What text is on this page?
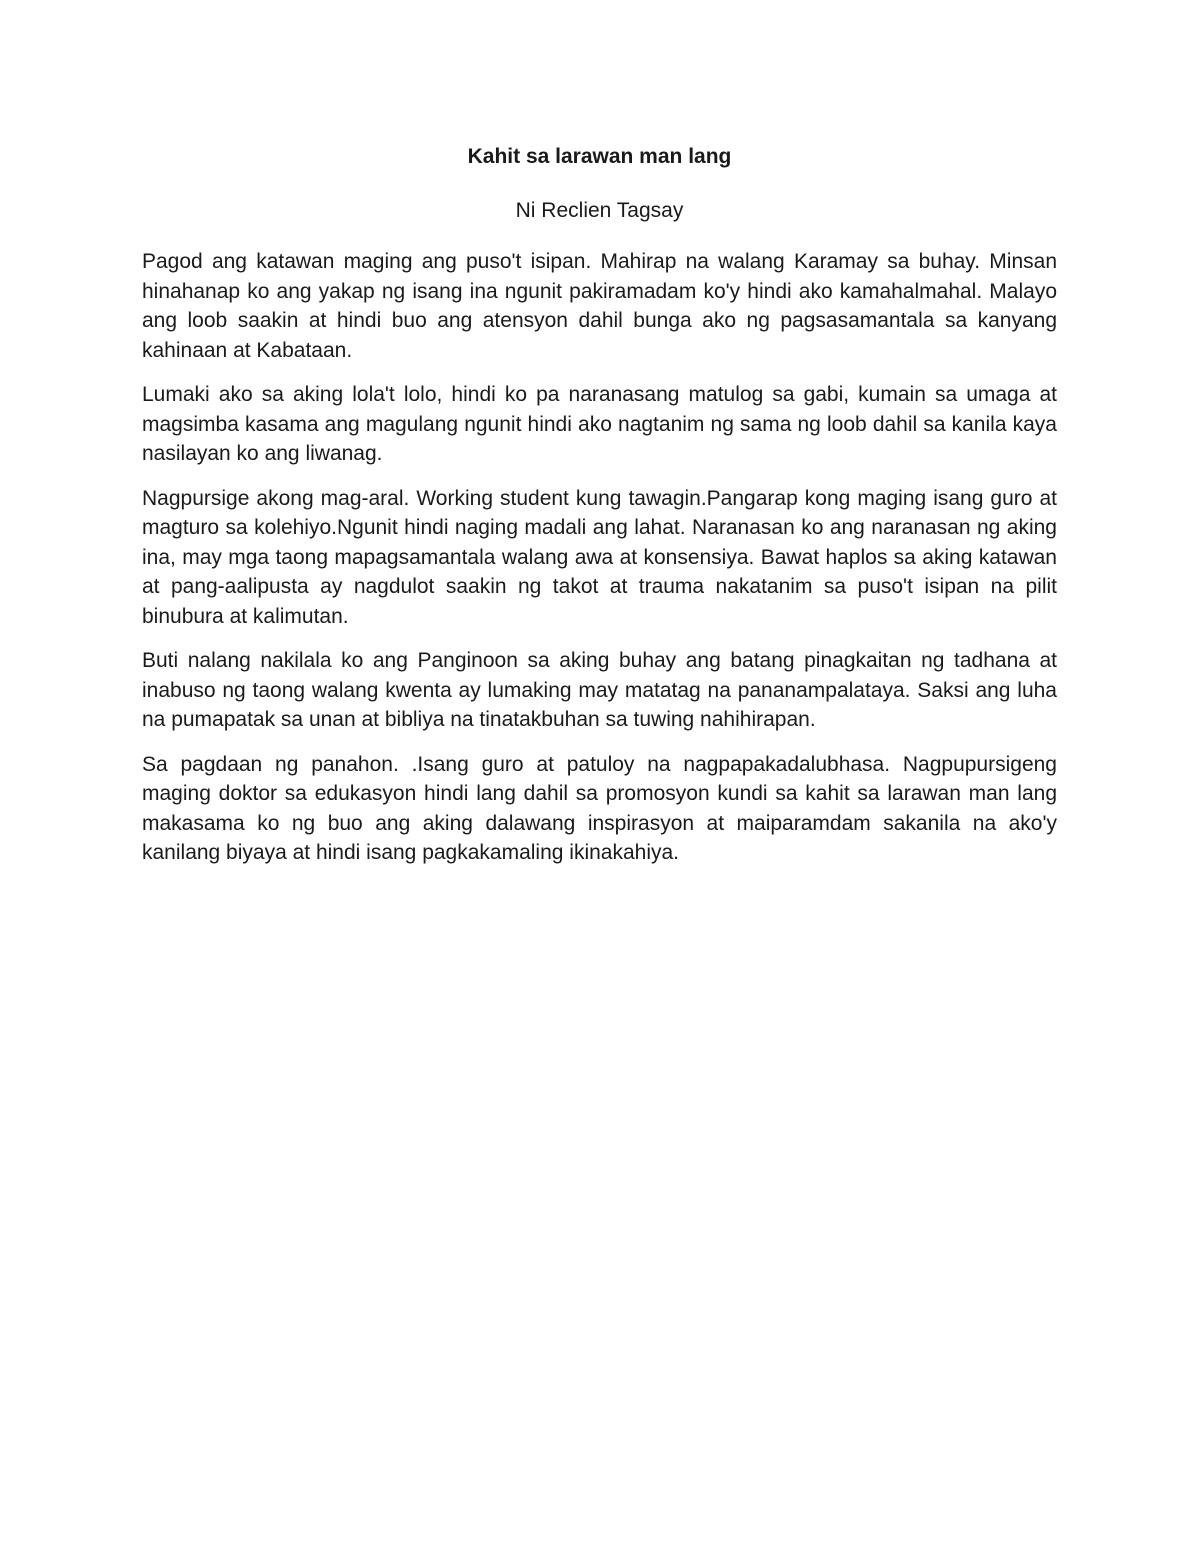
Kahit sa larawan man lang

Ni Reclien Tagsay

Pagod ang katawan maging ang puso't isipan. Mahirap na walang Karamay sa buhay. Minsan hinahanap ko ang yakap ng isang ina ngunit pakiramadam ko'y hindi ako kamahalmahal. Malayo ang loob saakin at hindi buo ang atensyon dahil bunga ako ng pagsasamantala sa kanyang kahinaan at Kabataan.

Lumaki ako sa aking lola't lolo, hindi ko pa naranasang matulog sa gabi, kumain sa umaga at magsimba kasama ang magulang ngunit hindi ako nagtanim ng sama ng loob dahil sa kanila kaya nasilayan ko ang liwanag.

Nagpursige akong mag-aral. Working student kung tawagin.Pangarap kong maging isang guro at magturo sa kolehiyo.Ngunit hindi naging madali ang lahat. Naranasan ko ang naranasan ng aking ina, may mga taong mapagsamantala walang awa at konsensiya. Bawat haplos sa aking katawan at pang-aalipusta ay nagdulot saakin ng takot at trauma nakatanim sa puso't isipan na pilit binubura at kalimutan.

Buti nalang nakilala ko ang Panginoon sa aking buhay ang batang pinagkaitan ng tadhana at inabuso ng taong walang kwenta ay lumaking may matatag na pananampalataya. Saksi ang luha na pumapatak sa unan at bibliya na tinatakbuhan sa tuwing nahihirapan.

Sa pagdaan ng panahon. .Isang guro at patuloy na nagpapakadalubhasa. Nagpupursigeng maging doktor sa edukasyon hindi lang dahil sa promosyon kundi sa kahit sa larawan man lang makasama ko ng buo ang aking dalawang inspirasyon at maiparamdam sakanila na ako'y kanilang biyaya at hindi isang pagkakamaling ikinakahiya.
